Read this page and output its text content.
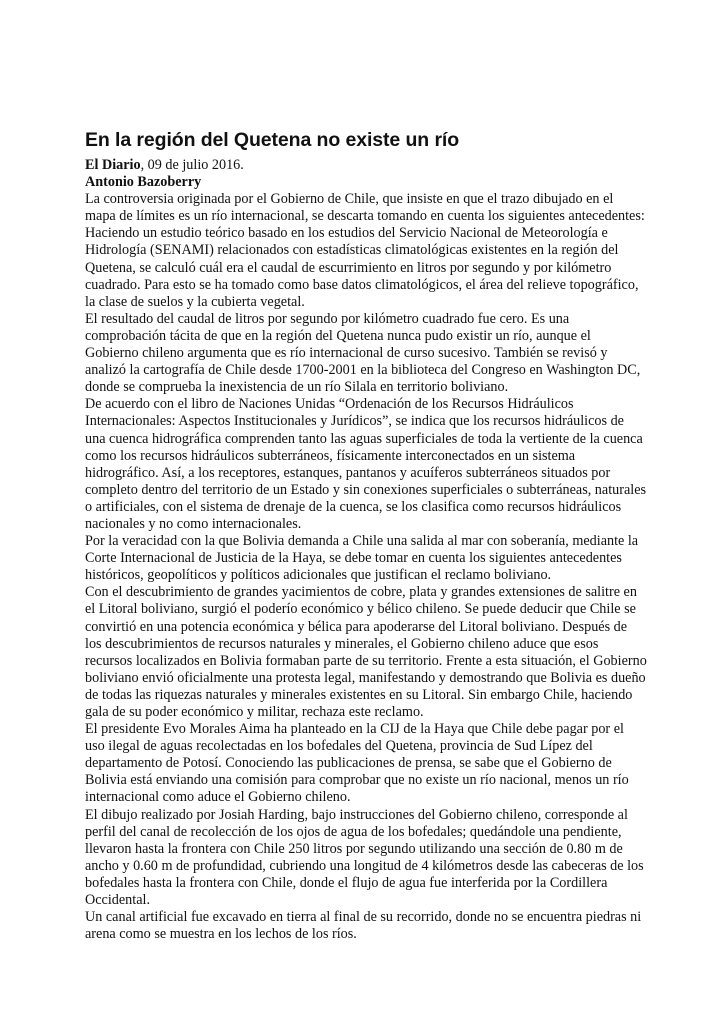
En la región del Quetena no existe un río
El Diario, 09 de julio 2016.
Antonio Bazoberry

La controversia originada por el Gobierno de Chile, que insiste en que el trazo dibujado en el mapa de límites es un río internacional, se descarta tomando en cuenta los siguientes antecedentes: Haciendo un estudio teórico basado en los estudios del Servicio Nacional de Meteorología e Hidrología (SENAMI) relacionados con estadísticas climatológicas existentes en la región del Quetena, se calculó cuál era el caudal de escurrimiento en litros por segundo y por kilómetro cuadrado. Para esto se ha tomado como base datos climatológicos, el área del relieve topográfico, la clase de suelos y la cubierta vegetal.

El resultado del caudal de litros por segundo por kilómetro cuadrado fue cero. Es una comprobación tácita de que en la región del Quetena nunca pudo existir un río, aunque el Gobierno chileno argumenta que es río internacional de curso sucesivo. También se revisó y analizó la cartografía de Chile desde 1700-2001 en la biblioteca del Congreso en Washington DC, donde se comprueba la inexistencia de un río Silala en territorio boliviano.

De acuerdo con el libro de Naciones Unidas “Ordenación de los Recursos Hidráulicos Internacionales: Aspectos Institucionales y Jurídicos”, se indica que los recursos hidráulicos de una cuenca hidrográfica comprenden tanto las aguas superficiales de toda la vertiente de la cuenca como los recursos hidráulicos subterráneos, físicamente interconectados en un sistema hidrográfico. Así, a los receptores, estanques, pantanos y acuíferos subterráneos situados por completo dentro del territorio de un Estado y sin conexiones superficiales o subterráneas, naturales o artificiales, con el sistema de drenaje de la cuenca, se los clasifica como recursos hidráulicos nacionales y no como internacionales.

Por la veracidad con la que Bolivia demanda a Chile una salida al mar con soberanía, mediante la Corte Internacional de Justicia de la Haya, se debe tomar en cuenta los siguientes antecedentes históricos, geopolíticos y políticos adicionales que justifican el reclamo boliviano.

Con el descubrimiento de grandes yacimientos de cobre, plata y grandes extensiones de salitre en el Litoral boliviano, surgió el poderío económico y bélico chileno. Se puede deducir que Chile se convirtió en una potencia económica y bélica para apoderarse del Litoral boliviano. Después de los descubrimientos de recursos naturales y minerales, el Gobierno chileno aduce que esos recursos localizados en Bolivia formaban parte de su territorio. Frente a esta situación, el Gobierno boliviano envió oficialmente una protesta legal, manifestando y demostrando que Bolivia es dueño de todas las riquezas naturales y minerales existentes en su Litoral. Sin embargo Chile, haciendo gala de su poder económico y militar, rechaza este reclamo.

El presidente Evo Morales Aima ha planteado en la CIJ de la Haya que Chile debe pagar por el uso ilegal de aguas recolectadas en los bofedales del Quetena, provincia de Sud Lípez del departamento de Potosí. Conociendo las publicaciones de prensa, se sabe que el Gobierno de Bolivia está enviando una comisión para comprobar que no existe un río nacional, menos un río internacional como aduce el Gobierno chileno.

El dibujo realizado por Josiah Harding, bajo instrucciones del Gobierno chileno, corresponde al perfil del canal de recolección de los ojos de agua de los bofedales; quedándole una pendiente, llevaron hasta la frontera con Chile 250 litros por segundo utilizando una sección de 0.80 m de ancho y 0.60 m de profundidad, cubriendo una longitud de 4 kilómetros desde las cabeceras de los bofedales hasta la frontera con Chile, donde el flujo de agua fue interferida por la Cordillera Occidental.

Un canal artificial fue excavado en tierra al final de su recorrido, donde no se encuentra piedras ni arena como se muestra en los lechos de los ríos.
